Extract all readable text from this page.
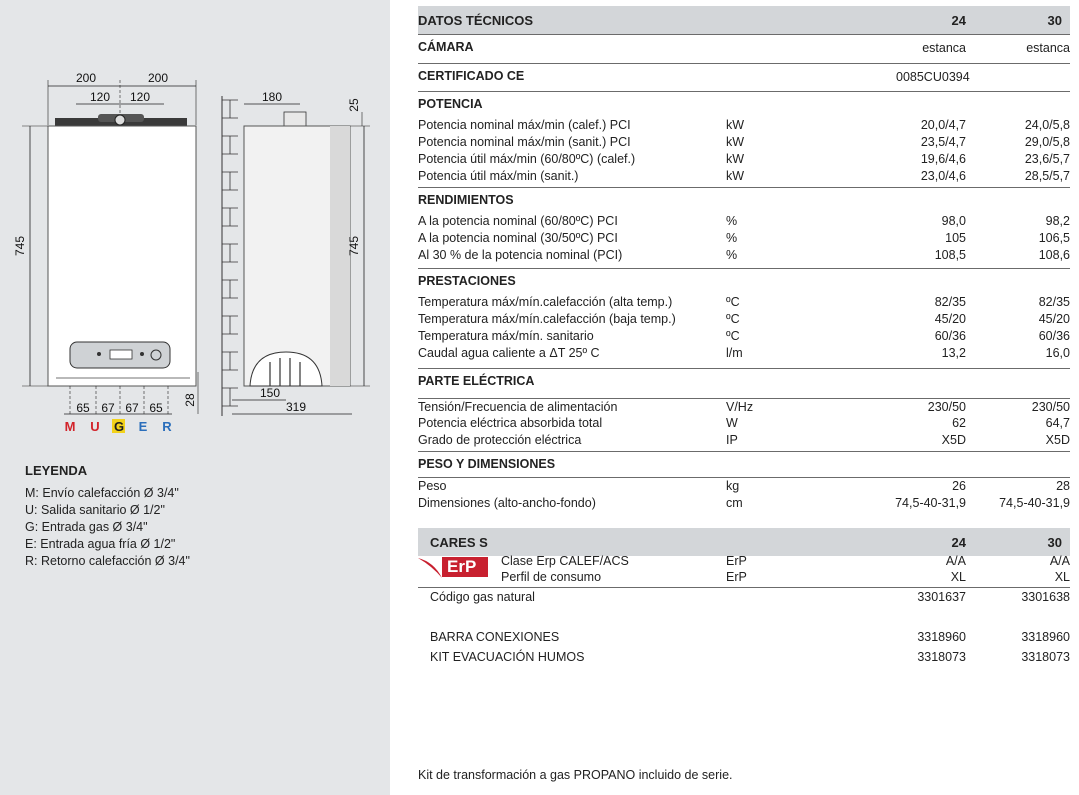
200	200
120 120
745
65 67 67 65
28
M U G E R
180
25
745
150
319
LEYENDA
M: Envío calefacción Ø 3/4"
U: Salida sanitario Ø 1/2"
G: Entrada gas Ø 3/4"
E: Entrada agua fría Ø 1/2"
R: Retorno calefacción Ø 3/4"
DATOS TÉCNICOS	24	30
CÁMARA	estanca	estanca
CERTIFICADO CE	0085CU0394
POTENCIA
Potencia nominal máx/min (calef.) PCI	kW	20,0/4,7	24,0/5,8
Potencia nominal máx/min (sanit.) PCI	kW	23,5/4,7	29,0/5,8
Potencia útil máx/min (60/80ºC) (calef.)	kW	19,6/4,6	23,6/5,7
Potencia útil máx/min (sanit.)	kW	23,0/4,6	28,5/5,7
RENDIMIENTOS
A la potencia nominal (60/80ºC) PCI	%	98,0	98,2
A la potencia nominal (30/50ºC) PCI	%	105	106,5
Al 30 % de la potencia nominal (PCI)	%	108,5	108,6
PRESTACIONES
Temperatura máx/mín.calefacción (alta temp.)	ºC	82/35	82/35
Temperatura máx/mín.calefacción (baja temp.)	ºC	45/20	45/20
Temperatura máx/mín. sanitario	ºC	60/36	60/36
Caudal agua caliente a ΔT 25º C	l/m	13,2	16,0
PARTE ELÉCTRICA
Tensión/Frecuencia de alimentación	V/Hz	230/50	230/50
Potencia eléctrica absorbida total	W	62	64,7
Grado de protección eléctrica	IP	X5D	X5D
PESO Y DIMENSIONES
Peso	kg	26	28
Dimensiones (alto-ancho-fondo)	cm	74,5-40-31,9	74,5-40-31,9
CARES S	24	30
ErP Clase Erp CALEF/ACS	ErP	A/A	A/A
Perfil de consumo	ErP	XL	XL
Código gas natural	3301637	3301638
BARRA CONEXIONES	3318960	3318960
KIT EVACUACIÓN HUMOS	3318073	3318073
Kit de transformación a gas PROPANO incluido de serie.
